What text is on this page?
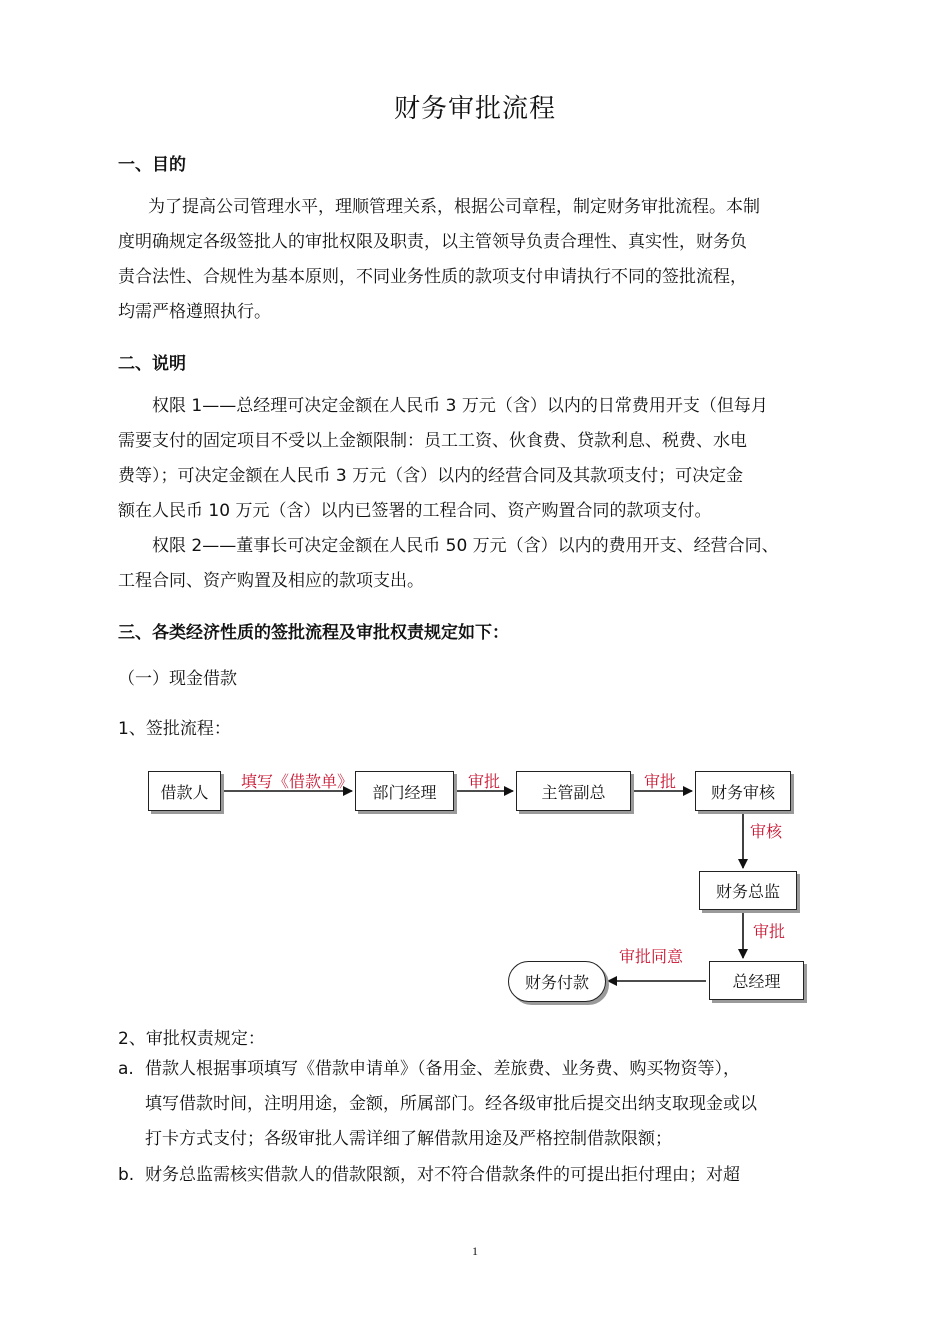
财务审批流程
一、目的
为了提高公司管理水平，理顺管理关系，根据公司章程，制定财务审批流程。本制
度明确规定各级签批人的审批权限及职责，以主管领导负责合理性、真实性，财务负
责合法性、合规性为基本原则，不同业务性质的款项支付申请执行不同的签批流程，
均需严格遵照执行。
二、说明
权限 1——总经理可决定金额在人民币 3 万元（含）以内的日常费用开支（但每月
需要支付的固定项目不受以上金额限制：员工工资、伙食费、贷款利息、税费、水电
费等）；可决定金额在人民币 3 万元（含）以内的经营合同及其款项支付；可决定金
额在人民币 10 万元（含）以内已签署的工程合同、资产购置合同的款项支付。
权限 2——董事长可决定金额在人民币 50 万元（含）以内的费用开支、经营合同、
工程合同、资产购置及相应的款项支出。
三、各类经济性质的签批流程及审批权责规定如下：
（一）现金借款
1、签批流程：
借款人	部门经理	主管副总	财务审核
财务总监
总经理
财务付款
填写《借款单》	审批	审批
审核
审批
审批同意
2、审批权责规定：
a. 借款人根据事项填写《借款申请单》（备用金、差旅费、业务费、购买物资等），
填写借款时间，注明用途，金额，所属部门。经各级审批后提交出纳支取现金或以
打卡方式支付；各级审批人需详细了解借款用途及严格控制借款限额；
b. 财务总监需核实借款人的借款限额，对不符合借款条件的可提出拒付理由；对超
1
